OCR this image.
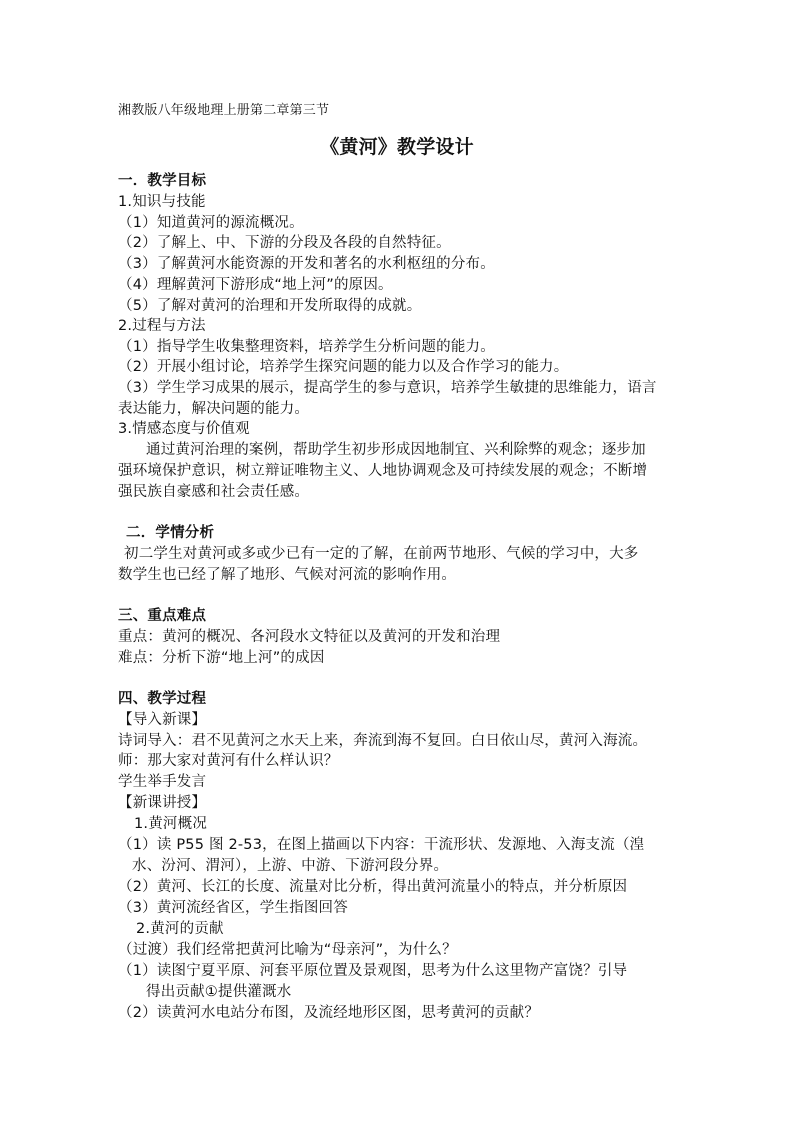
湘教版八年级地理上册第二章第三节
《黄河》教学设计
一．教学目标
1.知识与技能
（1）知道黄河的源流概况。
（2）了解上、中、下游的分段及各段的自然特征。
（3）了解黄河水能资源的开发和著名的水利枢纽的分布。
（4）理解黄河下游形成“地上河”的原因。
（5）了解对黄河的治理和开发所取得的成就。
2.过程与方法
（1）指导学生收集整理资料，培养学生分析问题的能力。
（2）开展小组讨论，培养学生探究问题的能力以及合作学习的能力。
（3）学生学习成果的展示，提高学生的参与意识，培养学生敏捷的思维能力，语言
表达能力，解决问题的能力。
3.情感态度与价值观
通过黄河治理的案例，帮助学生初步形成因地制宜、兴利除弊的观念；逐步加
强环境保护意识，树立辩证唯物主义、人地协调观念及可持续发展的观念；不断增
强民族自豪感和社会责任感。
二．学情分析
初二学生对黄河或多或少已有一定的了解，在前两节地形、气候的学习中，大多
数学生也已经了解了地形、气候对河流的影响作用。
三、重点难点
重点：黄河的概况、各河段水文特征以及黄河的开发和治理
难点：分析下游“地上河”的成因
四、教学过程
【导入新课】
诗词导入：君不见黄河之水天上来，奔流到海不复回。白日依山尽，黄河入海流。
师：那大家对黄河有什么样认识？
学生举手发言
【新课讲授】
1.黄河概况
（1）读 P55 图 2-53，在图上描画以下内容：干流形状、发源地、入海支流（湟
水、汾河、渭河），上游、中游、下游河段分界。
（2）黄河、长江的长度、流量对比分析，得出黄河流量小的特点，并分析原因
（3）黄河流经省区，学生指图回答
2.黄河的贡献
（过渡）我们经常把黄河比喻为“母亲河”，为什么？
（1）读图宁夏平原、河套平原位置及景观图，思考为什么这里物产富饶？引导
得出贡献①提供灌溉水
（2）读黄河水电站分布图，及流经地形区图，思考黄河的贡献？
